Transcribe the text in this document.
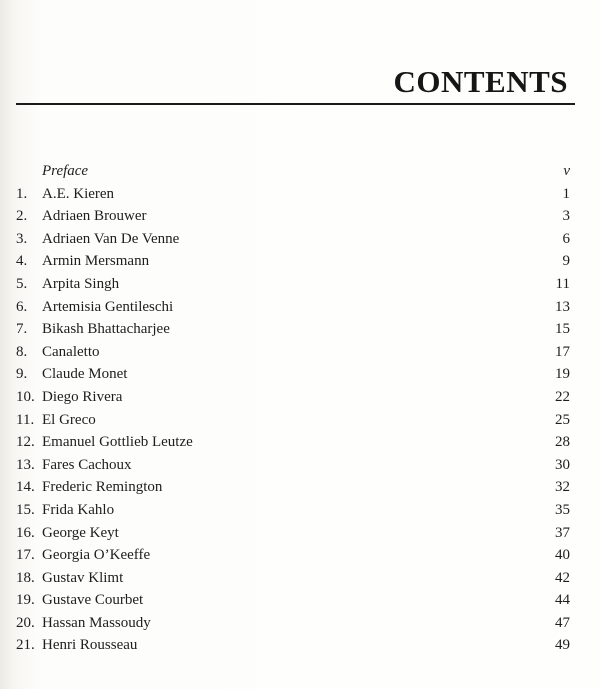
CONTENTS
Preface	v
1. A.E. Kieren	1
2. Adriaen Brouwer	3
3. Adriaen Van De Venne	6
4. Armin Mersmann	9
5. Arpita Singh	11
6. Artemisia Gentileschi	13
7. Bikash Bhattacharjee	15
8. Canaletto	17
9. Claude Monet	19
10. Diego Rivera	22
11. El Greco	25
12. Emanuel Gottlieb Leutze	28
13. Fares Cachoux	30
14. Frederic Remington	32
15. Frida Kahlo	35
16. George Keyt	37
17. Georgia O’Keeffe	40
18. Gustav Klimt	42
19. Gustave Courbet	44
20. Hassan Massoudy	47
21. Henri Rousseau	49
